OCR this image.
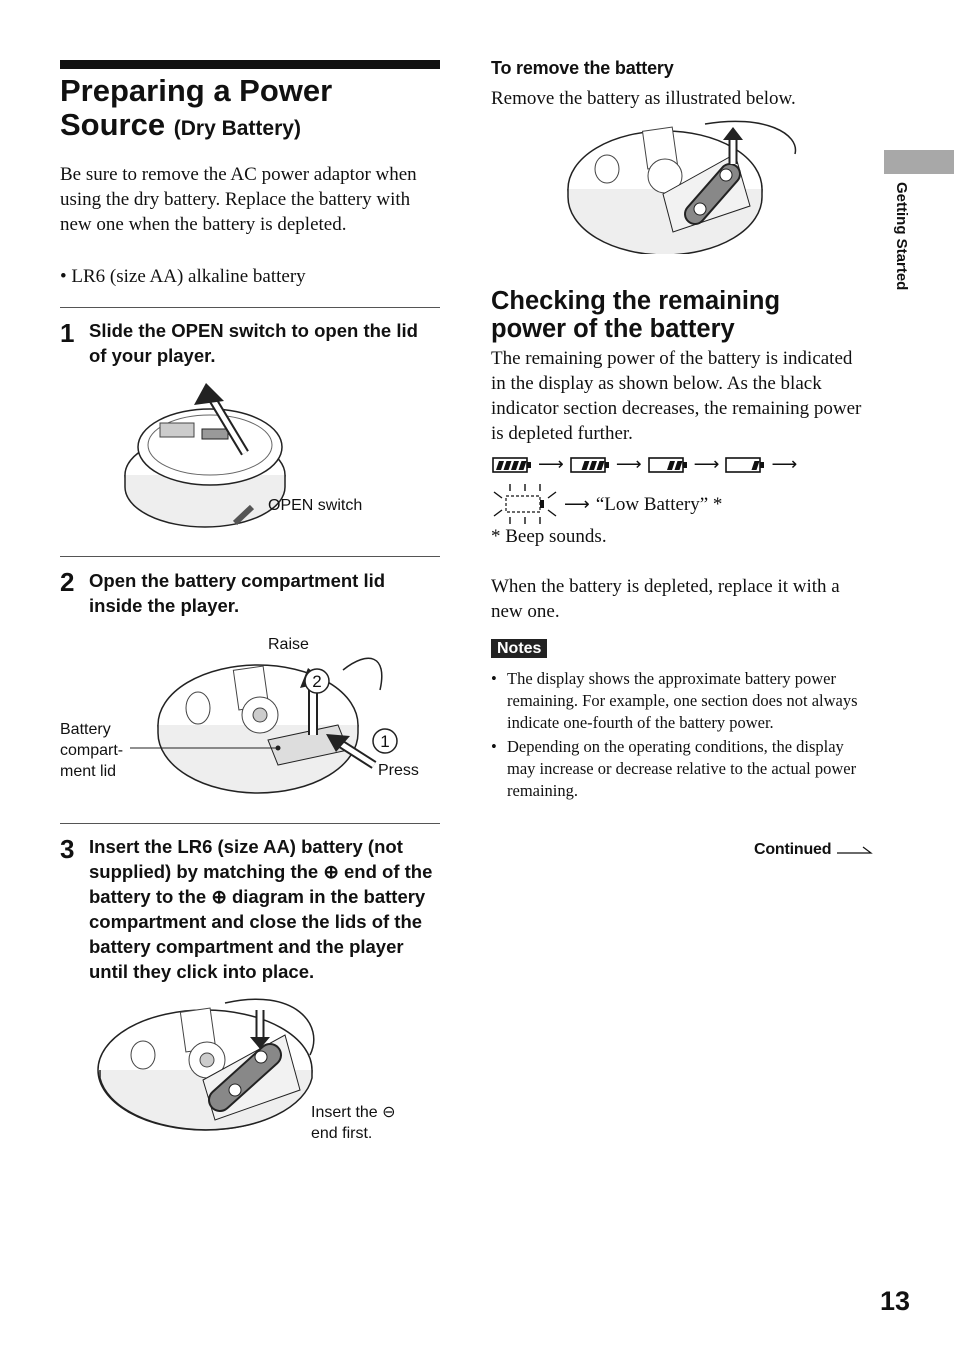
Preparing a Power Source (Dry Battery)
Be sure to remove the AC power adaptor when using the dry battery. Replace the battery with new one when the battery is depleted.
• LR6 (size AA) alkaline battery
1 Slide the OPEN switch to open the lid of your player.
OPEN switch
2 Open the battery compartment lid inside the player.
2
1
Raise
Press
Battery
compart-
ment lid
3 Insert the LR6 (size AA) battery (not supplied) by matching the ⊕ end of the battery to the ⊕ diagram in the battery compartment and close the lids of the battery compartment and the player until they click into place.
Insert the ⊖
end first.
To remove the battery
Remove the battery as illustrated below.
Checking the remaining
power of the battery
The remaining power of the battery is indicated in the display as shown below. As the black indicator section decreases, the remaining power is depleted further.
⟶	⟶	⟶	⟶
⟶ “Low Battery” *
* Beep sounds.
When the battery is depleted, replace it with a new one.
Notes
• The display shows the approximate battery power remaining. For example, one section does not always indicate one-fourth of the battery power.
• Depending on the operating conditions, the display may increase or decrease relative to the actual power remaining.
Continued
Getting Started
13
